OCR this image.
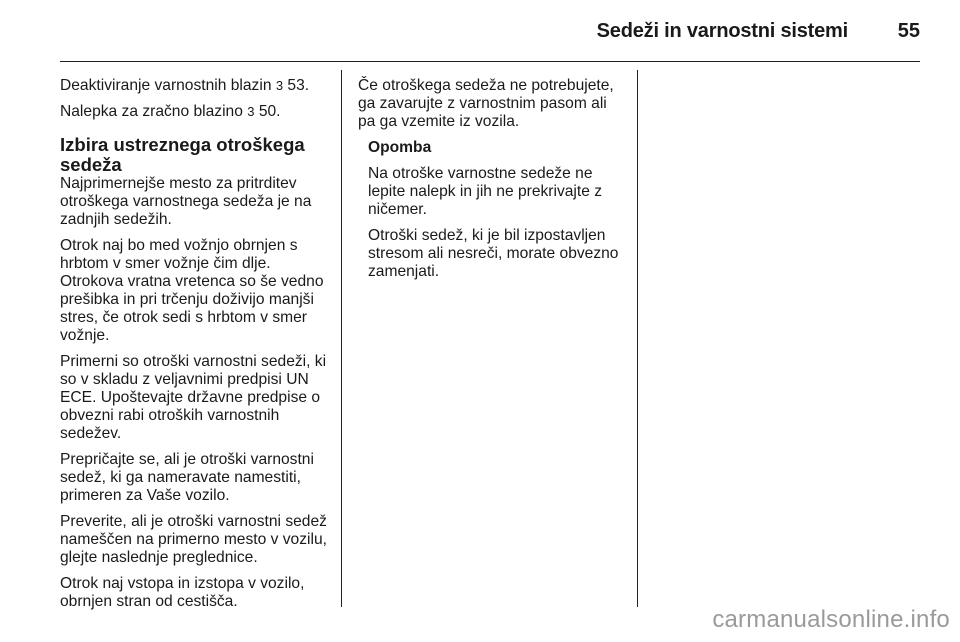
Sedeži in varnostni sistemi 55

Deaktiviranje varnostnih blazin 3 53.

Nalepka za zračno blazino 3 50.

Izbira ustreznega otroškega sedeža

Najprimernejše mesto za pritrditev otroškega varnostnega sedeža je na zadnjih sedežih.

Otrok naj bo med vožnjo obrnjen s hrbtom v smer vožnje čim dlje. Otrokova vratna vretenca so še vedno prešibka in pri trčenju doživijo manjši stres, če otrok sedi s hrbtom v smer vožnje.

Primerni so otroški varnostni sedeži, ki so v skladu z veljavnimi predpisi UN ECE. Upoštevajte državne predpise o obvezni rabi otroških varnostnih sedežev.

Prepričajte se, ali je otroški varnostni sedež, ki ga nameravate namestiti, primeren za Vaše vozilo.

Preverite, ali je otroški varnostni sedež nameščen na primerno mesto v vozilu, glejte naslednje preglednice.

Otrok naj vstopa in izstopa v vozilo, obrnjen stran od cestišča.

Če otroškega sedeža ne potrebujete, ga zavarujte z varnostnim pasom ali pa ga vzemite iz vozila.

Opomba

Na otroške varnostne sedeže ne lepite nalepk in jih ne prekrivajte z ničemer.

Otroški sedež, ki je bil izpostavljen stresom ali nesreči, morate obvezno zamenjati.

carmanualsonline.info
